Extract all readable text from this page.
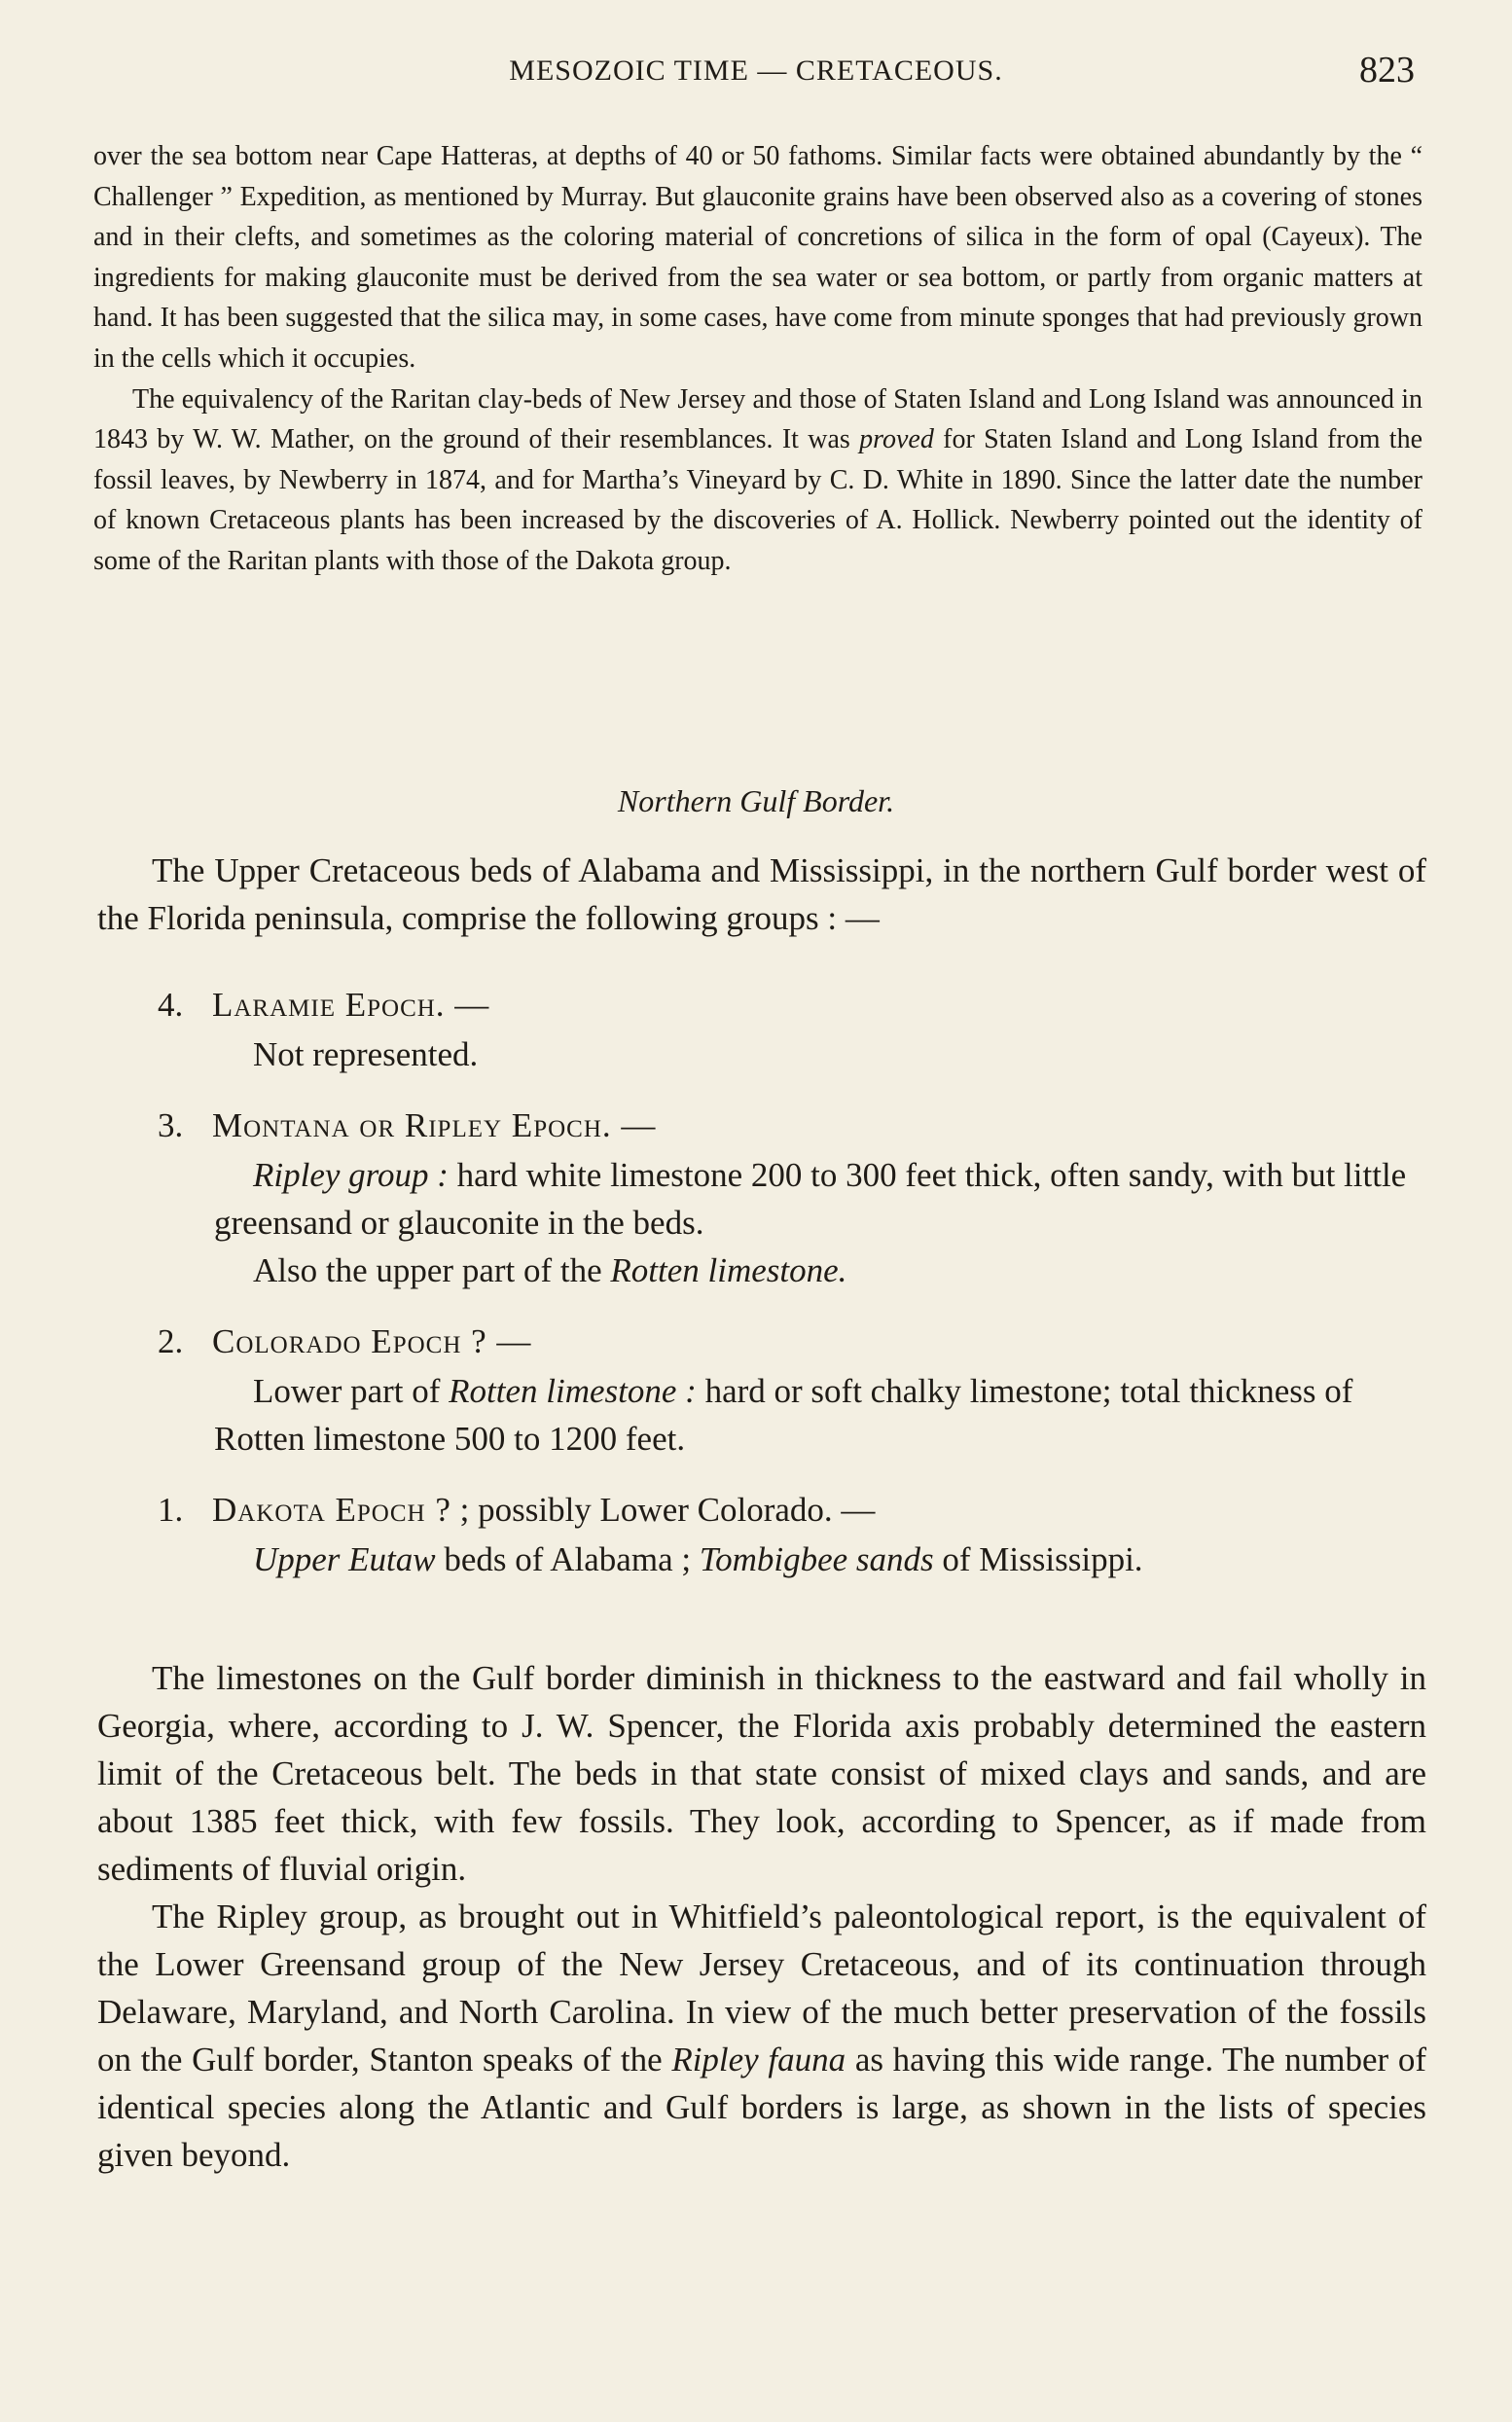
MESOZOIC TIME — CRETACEOUS.	823

over the sea bottom near Cape Hatteras, at depths of 40 or 50 fathoms. Similar facts were obtained abundantly by the “ Challenger ” Expedition, as mentioned by Murray. But glauconite grains have been observed also as a covering of stones and in their clefts, and sometimes as the coloring material of concretions of silica in the form of opal (Cayeux). The ingredients for making glauconite must be derived from the sea water or sea bottom, or partly from organic matters at hand. It has been suggested that the silica may, in some cases, have come from minute sponges that had previously grown in the cells which it occupies.

The equivalency of the Raritan clay-beds of New Jersey and those of Staten Island and Long Island was announced in 1843 by W. W. Mather, on the ground of their resemblances. It was proved for Staten Island and Long Island from the fossil leaves, by Newberry in 1874, and for Martha’s Vineyard by C. D. White in 1890. Since the latter date the number of known Cretaceous plants has been increased by the discoveries of A. Hollick. Newberry pointed out the identity of some of the Raritan plants with those of the Dakota group.

Northern Gulf Border.

The Upper Cretaceous beds of Alabama and Mississippi, in the northern Gulf border west of the Florida peninsula, comprise the following groups : —

4. Laramie Epoch. —
Not represented.
3. Montana or Ripley Epoch. —
Ripley group : hard white limestone 200 to 300 feet thick, often sandy, with but little greensand or glauconite in the beds.
Also the upper part of the Rotten limestone.
2. Colorado Epoch ? —
Lower part of Rotten limestone : hard or soft chalky limestone; total thickness of Rotten limestone 500 to 1200 feet.
1. Dakota Epoch ? ; possibly Lower Colorado. —
Upper Eutaw beds of Alabama ; Tombigbee sands of Mississippi.

The limestones on the Gulf border diminish in thickness to the eastward and fail wholly in Georgia, where, according to J. W. Spencer, the Florida axis probably determined the eastern limit of the Cretaceous belt. The beds in that state consist of mixed clays and sands, and are about 1385 feet thick, with few fossils. They look, according to Spencer, as if made from sediments of fluvial origin.

The Ripley group, as brought out in Whitfield’s paleontological report, is the equivalent of the Lower Greensand group of the New Jersey Cretaceous, and of its continuation through Delaware, Maryland, and North Carolina. In view of the much better preservation of the fossils on the Gulf border, Stanton speaks of the Ripley fauna as having this wide range. The number of identical species along the Atlantic and Gulf borders is large, as shown in the lists of species given beyond.
